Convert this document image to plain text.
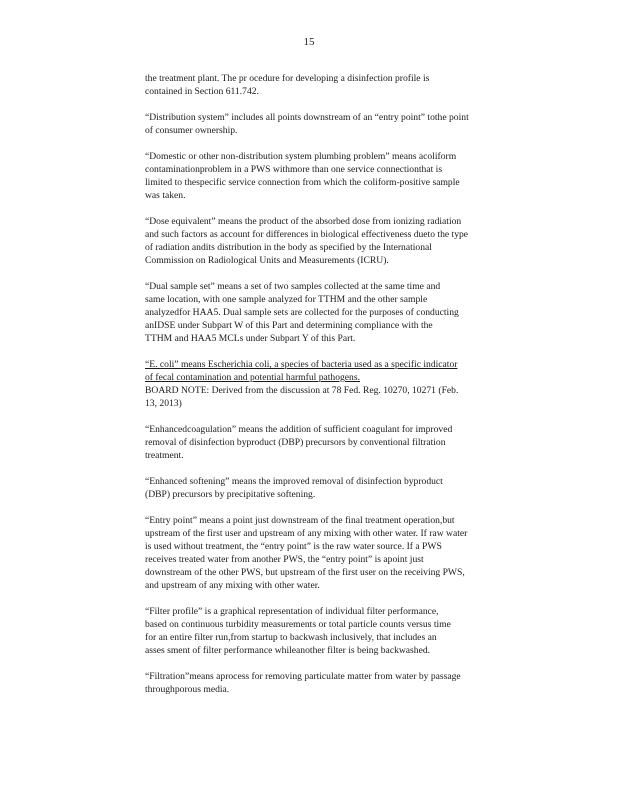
15
the treatment plant. The pr ocedure for developing a disinfection profile is
contained in Section 611.742.
“Distribution system” includes all points downstream of an “entry point” tothe point
of consumer ownership.
“Domestic or other non-distribution system plumbing problem” means acoliform
contaminationproblem in a PWS withmore than one service connectionthat is
limited to thespecific service connection from which the coliform-positive sample
was taken.
“Dose equivalent” means the product of the absorbed dose from ionizing radiation
and such factors as account for differences in biological effectiveness dueto the type
of radiation andits distribution in the body as specified by the International
Commission on Radiological Units and Measurements (ICRU).
“Dual sample set” means a set of two samples collected at the same time and
same location, with one sample analyzed for TTHM and the other sample
analyzedfor HAA5. Dual sample sets are collected for the purposes of conducting
anIDSE under Subpart W of this Part and determining compliance with the
TTHM and HAA5 MCLs under Subpart Y of this Part.
“E. coli” means Escherichia coli, a species of bacteria used as a specific indicator
of fecal contamination and potential harmful pathogens.
BOARD NOTE: Derived from the discussion at 78 Fed. Reg. 10270, 10271 (Feb.
13, 2013)
“Enhancedcoagulation” means the addition of sufficient coagulant for improved
removal of disinfection byproduct (DBP) precursors by conventional filtration
treatment.
“Enhanced softening” means the improved removal of disinfection byproduct
(DBP) precursors by precipitative softening.
“Entry point” means a point just downstream of the final treatment operation,but
upstream of the first user and upstream of any mixing with other water. If raw water
is used without treatment, the “entry point” is the raw water source. If a PWS
receives treated water from another PWS, the “entry point” is apoint just
downstream of the other PWS, but upstream of the first user on the receiving PWS,
and upstream of any mixing with other water.
“Filter profile” is a graphical representation of individual filter performance,
based on continuous turbidity measurements or total particle counts versus time
for an entire filter run,from startup to backwash inclusively, that includes an
asses sment of filter performance whileanother filter is being backwashed.
“Filtration”means aprocess for removing particulate matter from water by passage
throughporous media.
